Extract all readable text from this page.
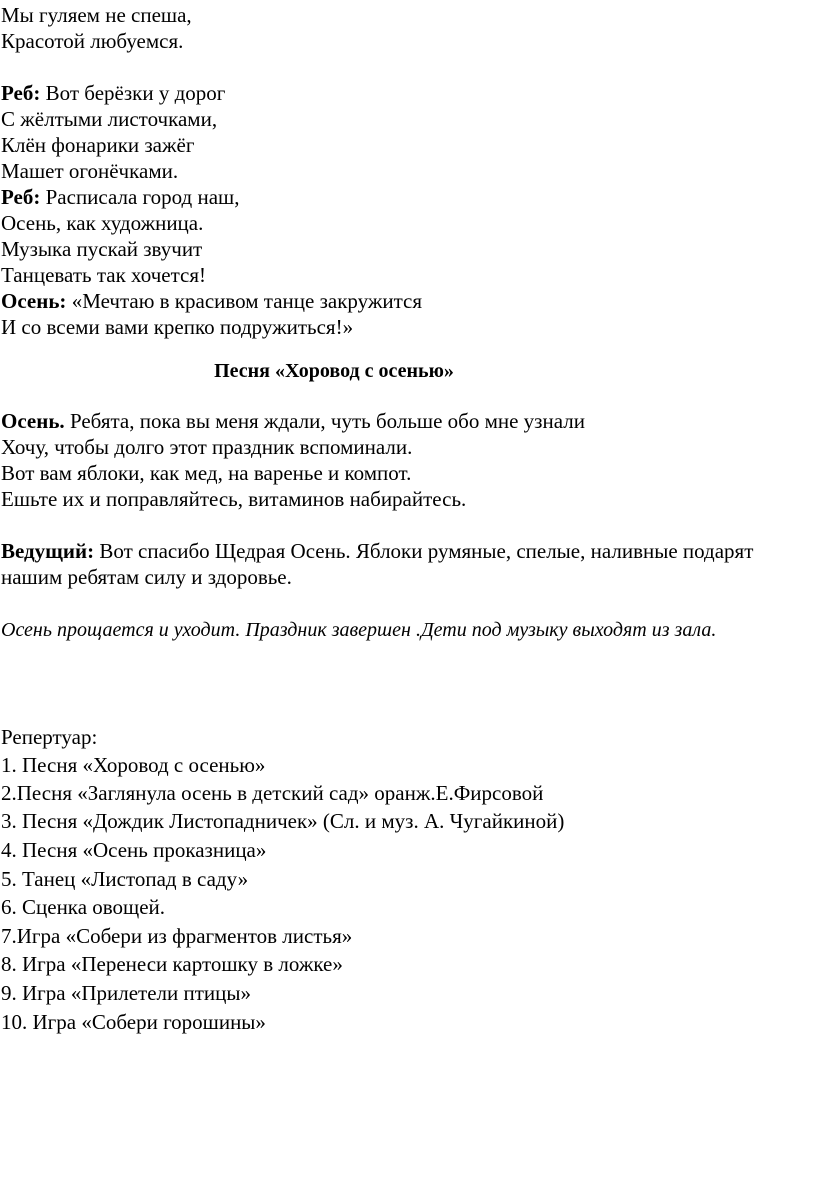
Мы гуляем не спеша,
Красотой любуемся.
Реб: Вот берёзки у дорог
С жёлтыми листочками,
Клён фонарики зажёг
Машет огонёчками.
Реб: Расписала город наш,
Осень, как художница.
Музыка пускай звучит
Танцевать так хочется!
Осень: «Мечтаю в красивом танце закружится
И со всеми вами крепко подружиться!»
Песня «Хоровод с осенью»
Осень. Ребята, пока вы меня ждали, чуть больше обо мне узнали
Хочу, чтобы долго этот праздник вспоминали.
Вот вам яблоки, как мед, на варенье и компот.
Ешьте их и поправляйтесь, витаминов набирайтесь.
Ведущий: Вот спасибо Щедрая Осень. Яблоки румяные, спелые, наливные подарят
нашим ребятам силу и здоровье.
Осень прощается и уходит. Праздник завершен .Дети под музыку выходят из зала.
Репертуар:
1. Песня «Хоровод с осенью»
2.Песня «Заглянула осень в детский сад» оранж.Е.Фирсовой
3. Песня «Дождик Листопадничек» (Сл. и муз. А. Чугайкиной)
4. Песня «Осень проказница»
5. Танец «Листопад в саду»
6. Сценка овощей.
7.Игра «Собери из фрагментов листья»
8. Игра «Перенеси картошку в ложке»
9. Игра «Прилетели птицы»
10. Игра «Собери горошины»
